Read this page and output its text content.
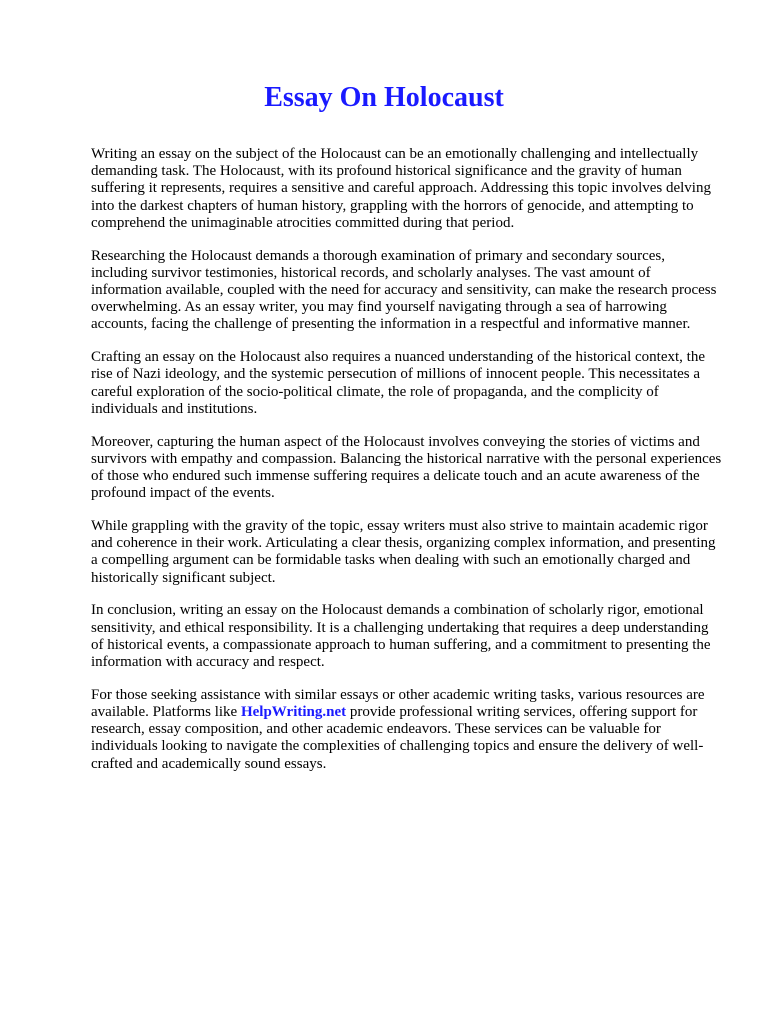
Essay On Holocaust

Writing an essay on the subject of the Holocaust can be an emotionally challenging and intellectually demanding task. The Holocaust, with its profound historical significance and the gravity of human suffering it represents, requires a sensitive and careful approach. Addressing this topic involves delving into the darkest chapters of human history, grappling with the horrors of genocide, and attempting to comprehend the unimaginable atrocities committed during that period.

Researching the Holocaust demands a thorough examination of primary and secondary sources, including survivor testimonies, historical records, and scholarly analyses. The vast amount of information available, coupled with the need for accuracy and sensitivity, can make the research process overwhelming. As an essay writer, you may find yourself navigating through a sea of harrowing accounts, facing the challenge of presenting the information in a respectful and informative manner.

Crafting an essay on the Holocaust also requires a nuanced understanding of the historical context, the rise of Nazi ideology, and the systemic persecution of millions of innocent people. This necessitates a careful exploration of the socio-political climate, the role of propaganda, and the complicity of individuals and institutions.

Moreover, capturing the human aspect of the Holocaust involves conveying the stories of victims and survivors with empathy and compassion. Balancing the historical narrative with the personal experiences of those who endured such immense suffering requires a delicate touch and an acute awareness of the profound impact of the events.

While grappling with the gravity of the topic, essay writers must also strive to maintain academic rigor and coherence in their work. Articulating a clear thesis, organizing complex information, and presenting a compelling argument can be formidable tasks when dealing with such an emotionally charged and historically significant subject.

In conclusion, writing an essay on the Holocaust demands a combination of scholarly rigor, emotional sensitivity, and ethical responsibility. It is a challenging undertaking that requires a deep understanding of historical events, a compassionate approach to human suffering, and a commitment to presenting the information with accuracy and respect.

For those seeking assistance with similar essays or other academic writing tasks, various resources are available. Platforms like HelpWriting.net provide professional writing services, offering support for research, essay composition, and other academic endeavors. These services can be valuable for individuals looking to navigate the complexities of challenging topics and ensure the delivery of well-crafted and academically sound essays.
